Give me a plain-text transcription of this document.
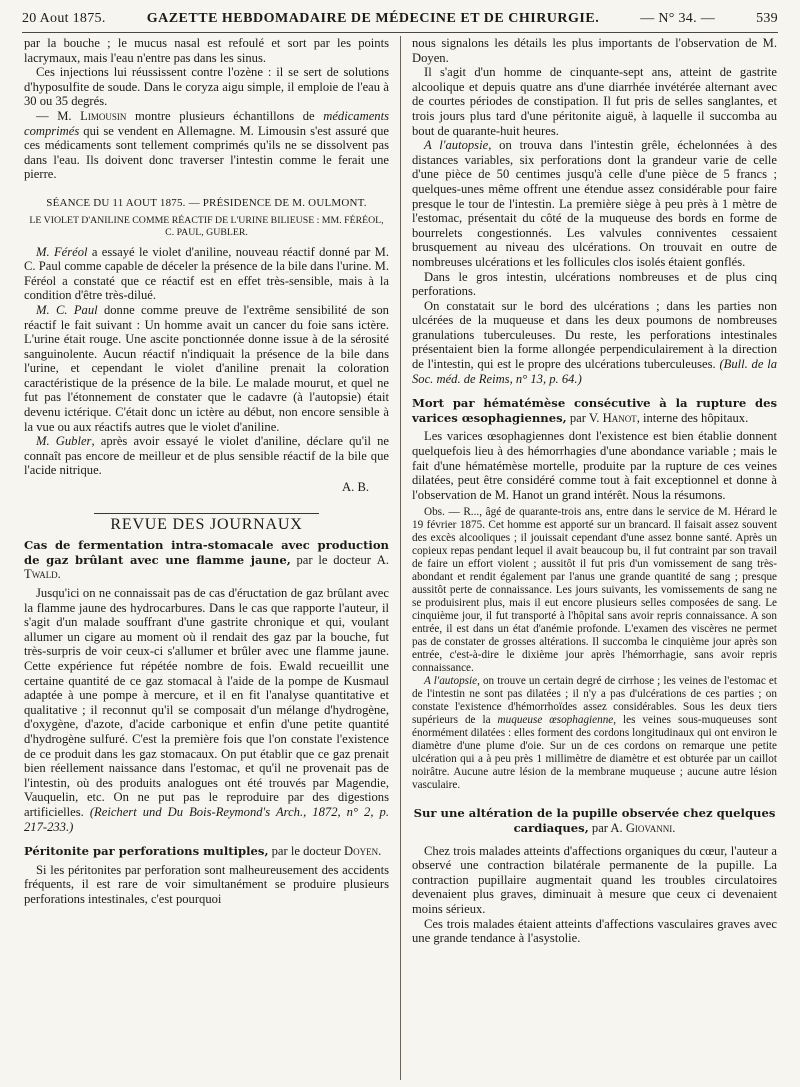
20 Aout 1875.	GAZETTE HEBDOMADAIRE DE MÉDECINE ET DE CHIRURGIE.	— N° 34. —	539

par la bouche ; le mucus nasal est refoulé et sort par les points lacrymaux, mais l'eau n'entre pas dans les sinus.

Ces injections lui réussissent contre l'ozène : il se sert de solutions d'hyposulfite de soude. Dans le coryza aigu simple, il emploie de l'eau à 30 ou 35 degrés.

— M. Limousin montre plusieurs échantillons de médicaments comprimés qui se vendent en Allemagne. M. Limousin s'est assuré que ces médicaments sont tellement comprimés qu'ils ne se dissolvent pas dans l'eau. Ils doivent donc traverser l'intestin comme le ferait une pierre.

SÉANCE DU 11 AOUT 1875. — PRÉSIDENCE DE M. OULMONT.

LE VIOLET D'ANILINE COMME RÉACTIF DE L'URINE BILIEUSE : MM. FÉRÉOL, C. PAUL, GUBLER.

M. Féréol a essayé le violet d'aniline, nouveau réactif donné par M. C. Paul comme capable de déceler la présence de la bile dans l'urine. M. Féréol a constaté que ce réactif est en effet très-sensible, mais à la condition d'être très-dilué.

M. C. Paul donne comme preuve de l'extrême sensibilité de son réactif le fait suivant : Un homme avait un cancer du foie sans ictère. L'urine était rouge. Une ascite ponctionnée donne issue à de la sérosité sanguinolente. Aucun réactif n'indiquait la présence de la bile dans l'urine, et cependant le violet d'aniline prenait la coloration caractéristique de la présence de la bile. Le malade mourut, et quel ne fut pas l'étonnement de constater que le cadavre (à l'autopsie) était devenu ictérique. C'était donc un ictère au début, non encore sensible à la vue ou aux réactifs autres que le violet d'aniline.

M. Gubler, après avoir essayé le violet d'aniline, déclare qu'il ne connaît pas encore de meilleur et de plus sensible réactif de la bile que l'acide nitrique.

A. B.

REVUE DES JOURNAUX

Cas de fermentation intra-stomacale avec production de gaz brûlant avec une flamme jaune, par le docteur A. Twald.

Jusqu'ici on ne connaissait pas de cas d'éructation de gaz brûlant avec la flamme jaune des hydrocarbures. Dans le cas que rapporte l'auteur, il s'agit d'un malade souffrant d'une gastrite chronique et qui, voulant allumer un cigare au moment où il rendait des gaz par la bouche, fut très-surpris de voir ceux-ci s'allumer et brûler avec une flamme jaune. Cette expérience fut répétée nombre de fois. Ewald recueillit une certaine quantité de ce gaz stomacal à l'aide de la pompe de Kusmaul adaptée à une pompe à mercure, et il en fit l'analyse quantitative et qualitative ; il reconnut qu'il se composait d'un mélange d'hydrogène, d'oxygène, d'azote, d'acide carbonique et enfin d'une petite quantité d'hydrogène sulfuré. C'est la première fois que l'on constate l'existence de ce produit dans les gaz stomacaux. On put établir que ce gaz prenait bien réellement naissance dans l'estomac, et qu'il ne provenait pas de l'intestin, où des produits analogues ont été trouvés par Magendie, Vauquelin, etc. On ne put pas le reproduire par des digestions artificielles. (Reichert und Du Bois-Reymond's Arch., 1872, n° 2, p. 217-233.)

Péritonite par perforations multiples, par le docteur Doyen.

Si les péritonites par perforation sont malheureusement des accidents fréquents, il est rare de voir simultanément se produire plusieurs perforations intestinales, c'est pourquoi

nous signalons les détails les plus importants de l'observation de M. Doyen.

Il s'agit d'un homme de cinquante-sept ans, atteint de gastrite alcoolique et depuis quatre ans d'une diarrhée invétérée alternant avec de courtes périodes de constipation. Il fut pris de selles sanglantes, et trois jours plus tard d'une péritonite aiguë, à laquelle il succomba au bout de quarante-huit heures.

A l'autopsie, on trouva dans l'intestin grêle, échelonnées à des distances variables, six perforations dont la grandeur varie de celle d'une pièce de 50 centimes jusqu'à celle d'une pièce de 5 francs ; quelques-unes même offrent une étendue assez considérable pour faire presque le tour de l'intestin. La première siège à peu près à 1 mètre de l'estomac, présentait du côté de la muqueuse des bords en forme de bourrelets congestionnés. Les valvules conniventes cessaient brusquement au niveau des ulcérations. On trouvait en outre de nombreuses ulcérations et les follicules clos isolés étaient gonflés.

Dans le gros intestin, ulcérations nombreuses et de plus cinq perforations.

On constatait sur le bord des ulcérations ; dans les parties non ulcérées de la muqueuse et dans les deux poumons de nombreuses granulations tuberculeuses. Du reste, les perforations intestinales présentaient bien la forme allongée perpendiculairement à la direction de l'intestin, qui est le propre des ulcérations tuberculeuses. (Bull. de la Soc. méd. de Reims, n° 13, p. 64.)

Mort par hématémèse consécutive à la rupture des varices œsophagiennes, par V. Hanot, interne des hôpitaux.

Les varices œsophagiennes dont l'existence est bien établie donnent quelquefois lieu à des hémorrhagies d'une abondance variable ; mais le fait d'une hématémèse mortelle, produite par la rupture de ces veines dilatées, peut être considéré comme tout à fait exceptionnel et donne à l'observation de M. Hanot un grand intérêt. Nous la résumons.

Obs. — R..., âgé de quarante-trois ans, entre dans le service de M. Hérard le 19 février 1875. Cet homme est apporté sur un brancard. Il faisait assez souvent des excès alcooliques ; il jouissait cependant d'une assez bonne santé. Après un copieux repas pendant lequel il avait beaucoup bu, il fut contraint par son travail de faire un effort violent ; aussitôt il fut pris d'un vomissement de sang très-abondant et rendit également par l'anus une grande quantité de sang ; presque aussitôt perte de connaissance. Les jours suivants, les vomissements de sang ne se produisirent plus, mais il eut encore plusieurs selles composées de sang. Le cinquième jour, il fut transporté à l'hôpital sans avoir repris connaissance. A son entrée, il est dans un état d'anémie profonde. L'examen des viscères ne permet pas de constater de grosses altérations. Il succomba le cinquième jour après son entrée, c'est-à-dire le dixième jour après l'hémorrhagie, sans avoir repris connaissance.

A l'autopsie, on trouve un certain degré de cirrhose ; les veines de l'estomac et de l'intestin ne sont pas dilatées ; il n'y a pas d'ulcérations de ces parties ; on constate l'existence d'hémorrhoïdes assez considérables. Sous les deux tiers supérieurs de la muqueuse œsophagienne, les veines sous-muqueuses sont énormément dilatées : elles forment des cordons longitudinaux qui ont environ le diamètre d'une plume d'oie. Sur un de ces cordons on remarque une petite ulcération qui a à peu près 1 millimètre de diamètre et est obturée par un caillot noirâtre. Aucune autre lésion de la membrane muqueuse ; aucune autre lésion vasculaire.

Sur une altération de la pupille observée chez quelques cardiaques, par A. Giovanni.

Chez trois malades atteints d'affections organiques du cœur, l'auteur a observé une contraction bilatérale permanente de la pupille. La contraction pupillaire augmentait quand les troubles circulatoires devenaient plus graves, diminuait à mesure que ceux ci devenaient moins sérieux.

Ces trois malades étaient atteints d'affections vasculaires graves avec une grande tendance à l'asystolie.
